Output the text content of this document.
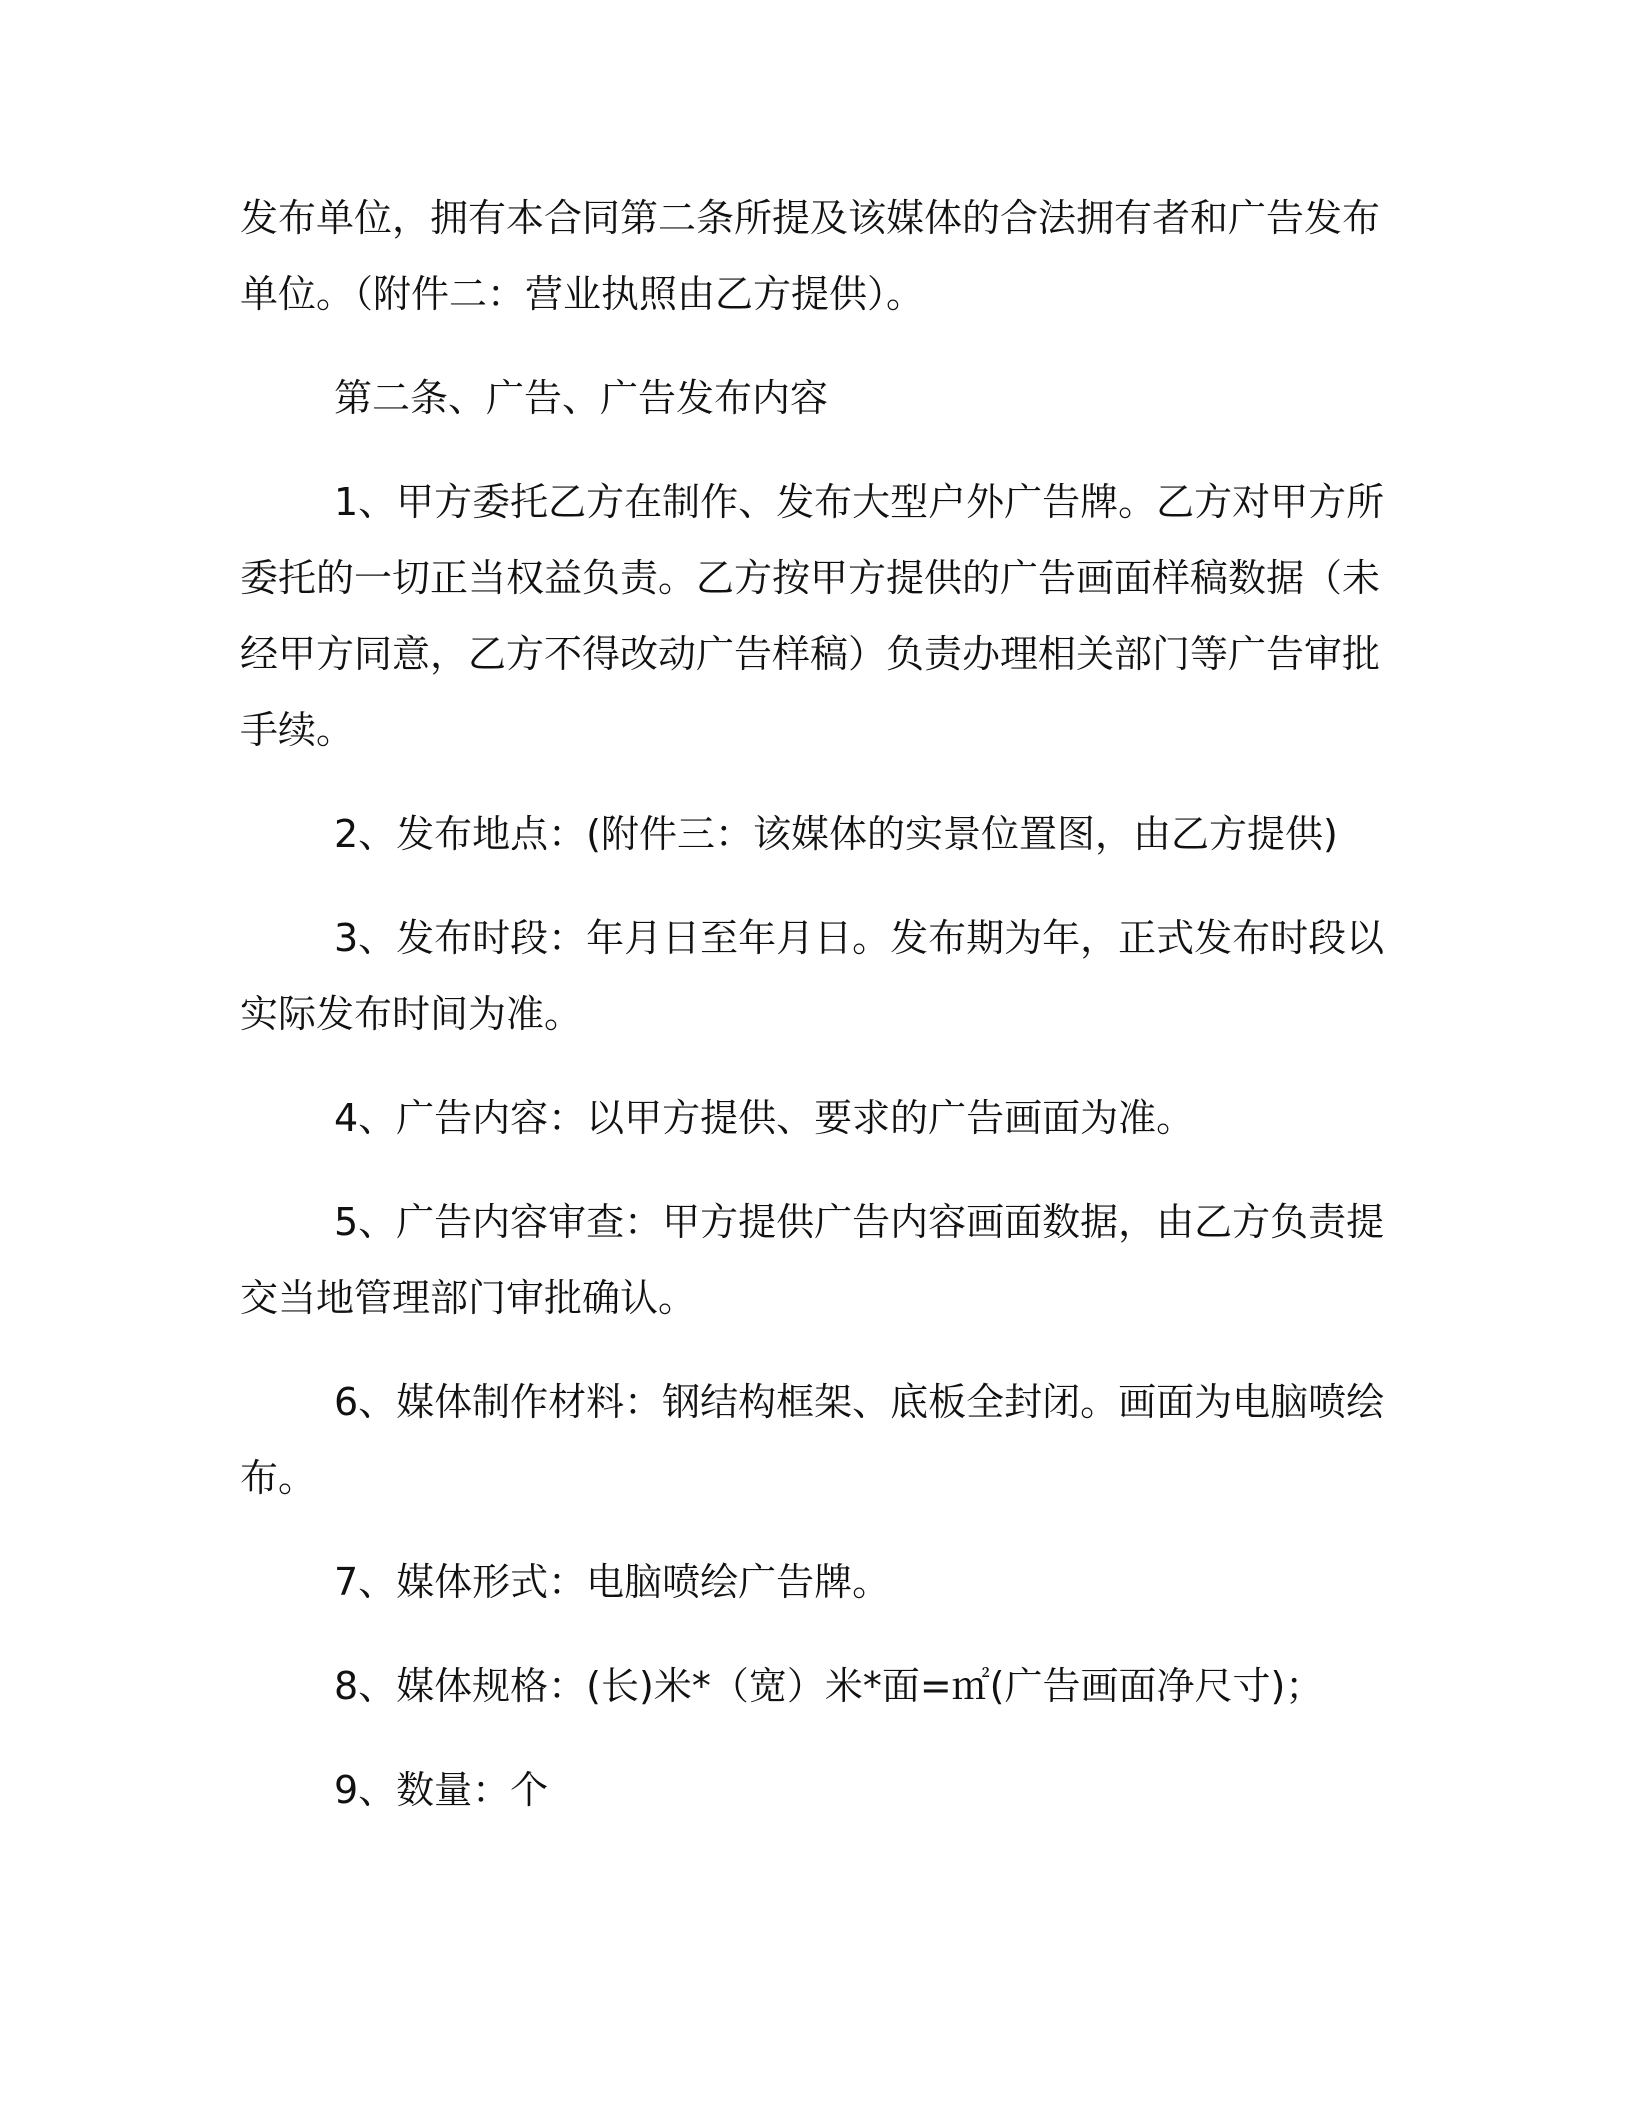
发布单位，拥有本合同第二条所提及该媒体的合法拥有者和广告发布
单位。（附件二：营业执照由乙方提供）。
第二条、广告、广告发布内容
1、甲方委托乙方在制作、发布大型户外广告牌。乙方对甲方所
委托的一切正当权益负责。乙方按甲方提供的广告画面样稿数据（未
经甲方同意，乙方不得改动广告样稿）负责办理相关部门等广告审批
手续。
2、发布地点：(附件三：该媒体的实景位置图，由乙方提供)
3、发布时段：年月日至年月日。发布期为年，正式发布时段以
实际发布时间为准。
4、广告内容：以甲方提供、要求的广告画面为准。
5、广告内容审查：甲方提供广告内容画面数据，由乙方负责提
交当地管理部门审批确认。
6、媒体制作材料：钢结构框架、底板全封闭。画面为电脑喷绘
布。
7、媒体形式：电脑喷绘广告牌。
8、媒体规格：(长)米*（宽）米*面=㎡(广告画面净尺寸)；
9、数量：个
